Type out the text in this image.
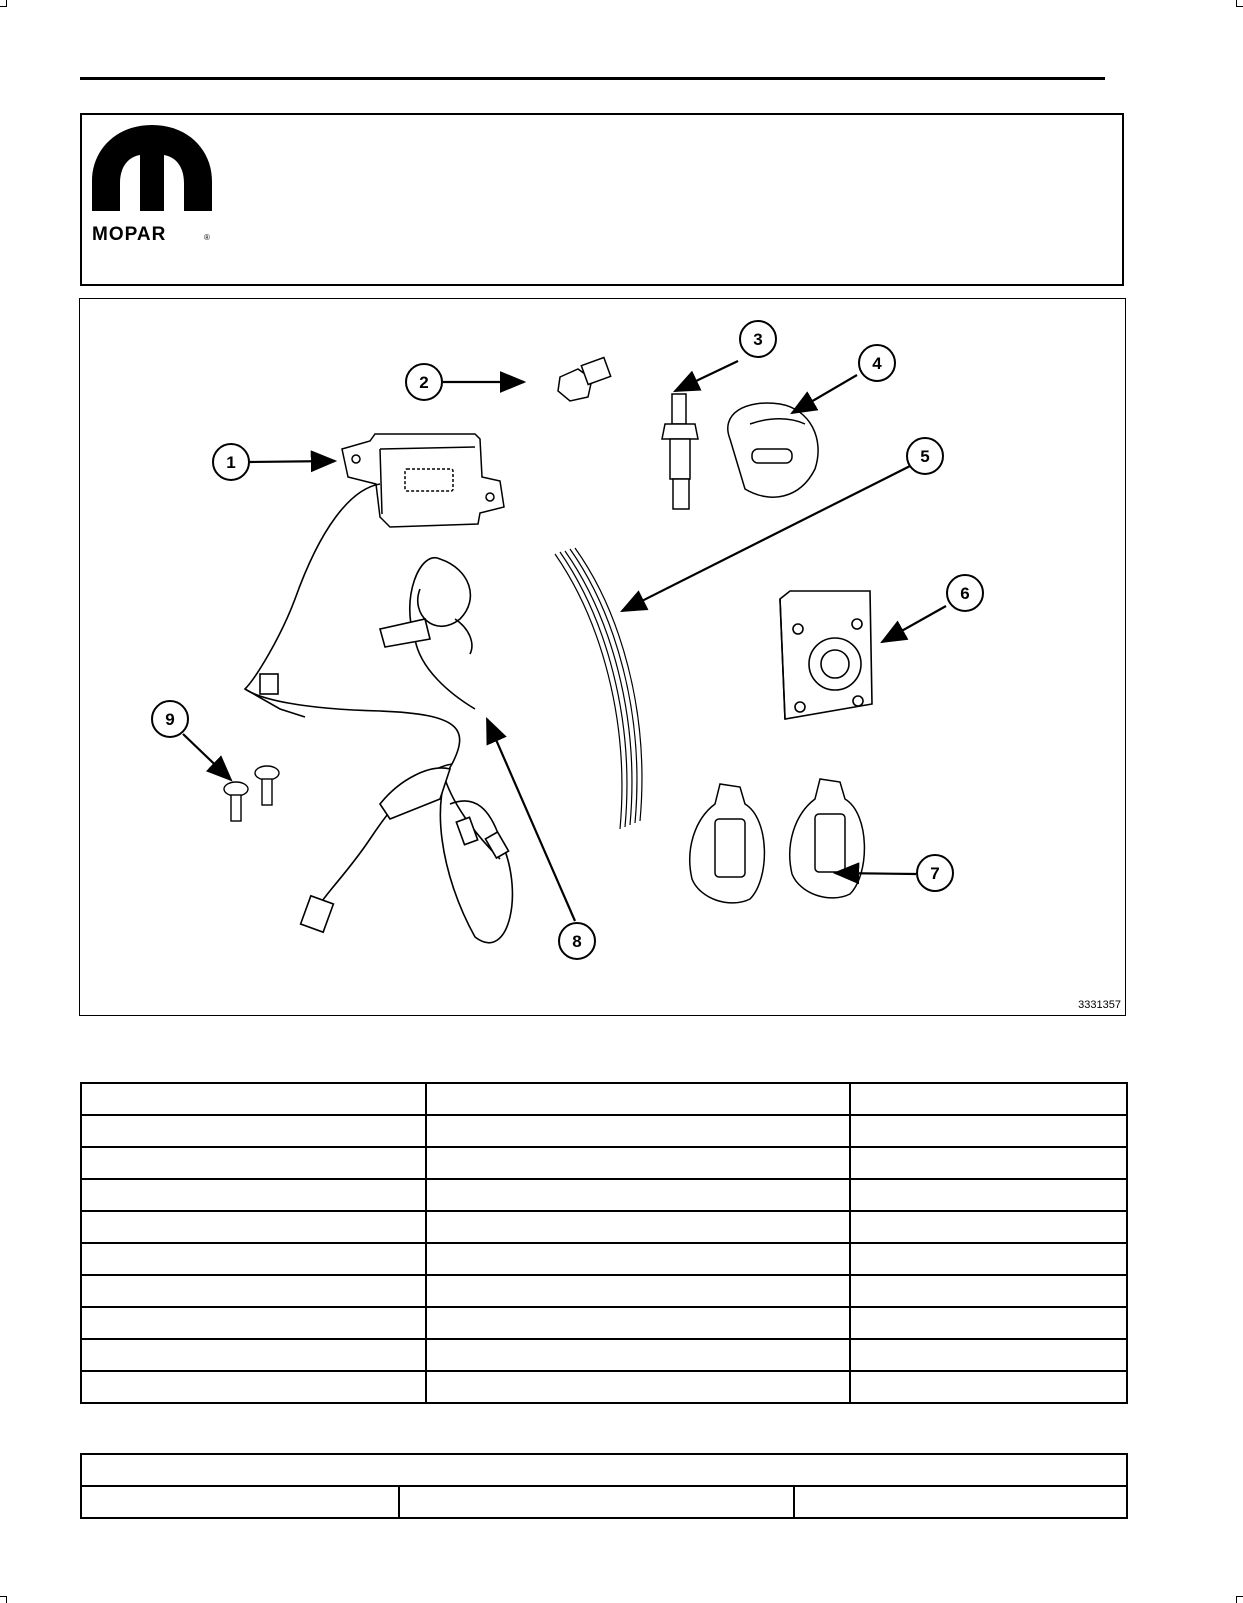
MOPAR	®
1
2
3
4
5
6
7
8
9
3331357
